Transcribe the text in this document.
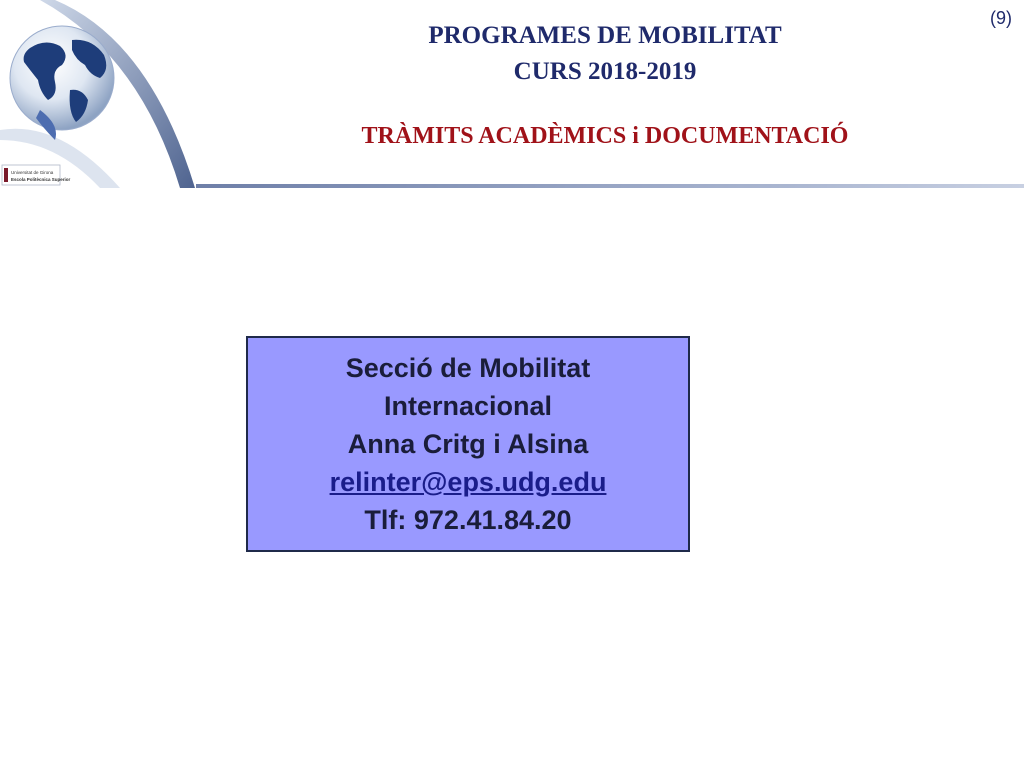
Universitat de Girona
Escola Politècnica Superior
PROGRAMES DE MOBILITAT
CURS 2018-2019
TRÀMITS ACADÈMICS i DOCUMENTACIÓ
(9)
Secció de Mobilitat
Internacional
Anna Critg i Alsina
relinter@eps.udg.edu
Tlf: 972.41.84.20
